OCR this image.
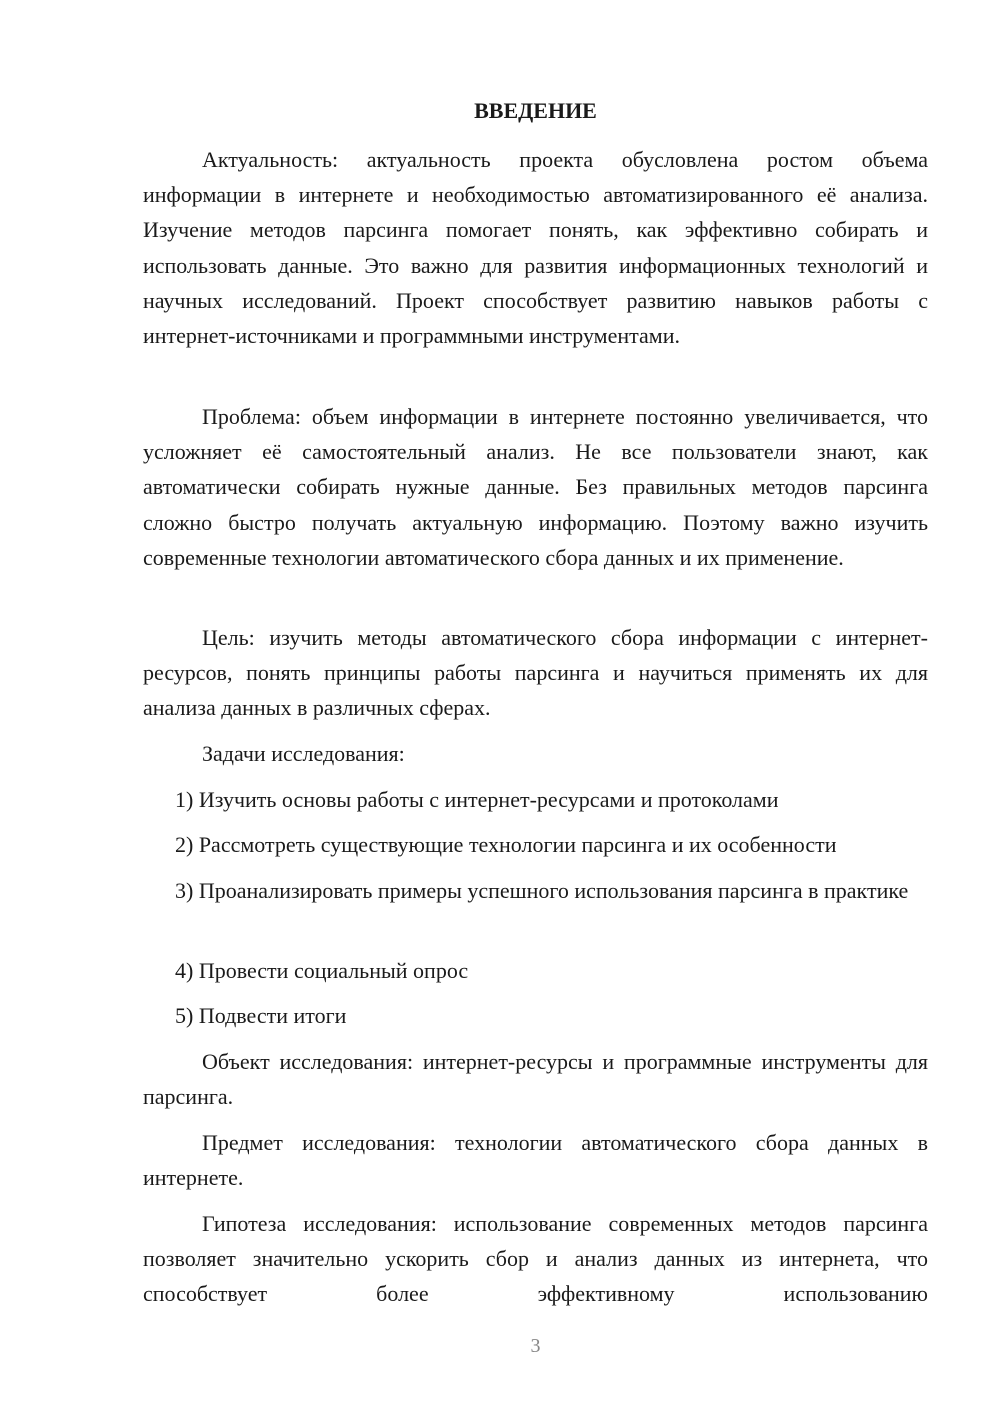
ВВЕДЕНИЕ

Актуальность: актуальность проекта обусловлена ростом объема информации в интернете и необходимостью автоматизированного её анализа. Изучение методов парсинга помогает понять, как эффективно собирать и использовать данные. Это важно для развития информационных технологий и научных исследований. Проект способствует развитию навыков работы с интернет-источниками и программными инструментами.

Проблема: объем информации в интернете постоянно увеличивается, что усложняет её самостоятельный анализ. Не все пользователи знают, как автоматически собирать нужные данные. Без правильных методов парсинга сложно быстро получать актуальную информацию. Поэтому важно изучить современные технологии автоматического сбора данных и их применение.

Цель: изучить методы автоматического сбора информации с интернет-ресурсов, понять принципы работы парсинга и научиться применять их для анализа данных в различных сферах.

Задачи исследования:

1) Изучить основы работы с интернет-ресурсами и протоколами

2) Рассмотреть существующие технологии парсинга и их особенности

3) Проанализировать примеры успешного использования парсинга в практике

4) Провести социальный опрос

5) Подвести итоги

Объект исследования: интернет-ресурсы и программные инструменты для парсинга.

Предмет исследования: технологии автоматического сбора данных в интернете.

Гипотеза исследования: использование современных методов парсинга позволяет значительно ускорить сбор и анализ данных из интернета, что способствует более эффективному использованию

3
